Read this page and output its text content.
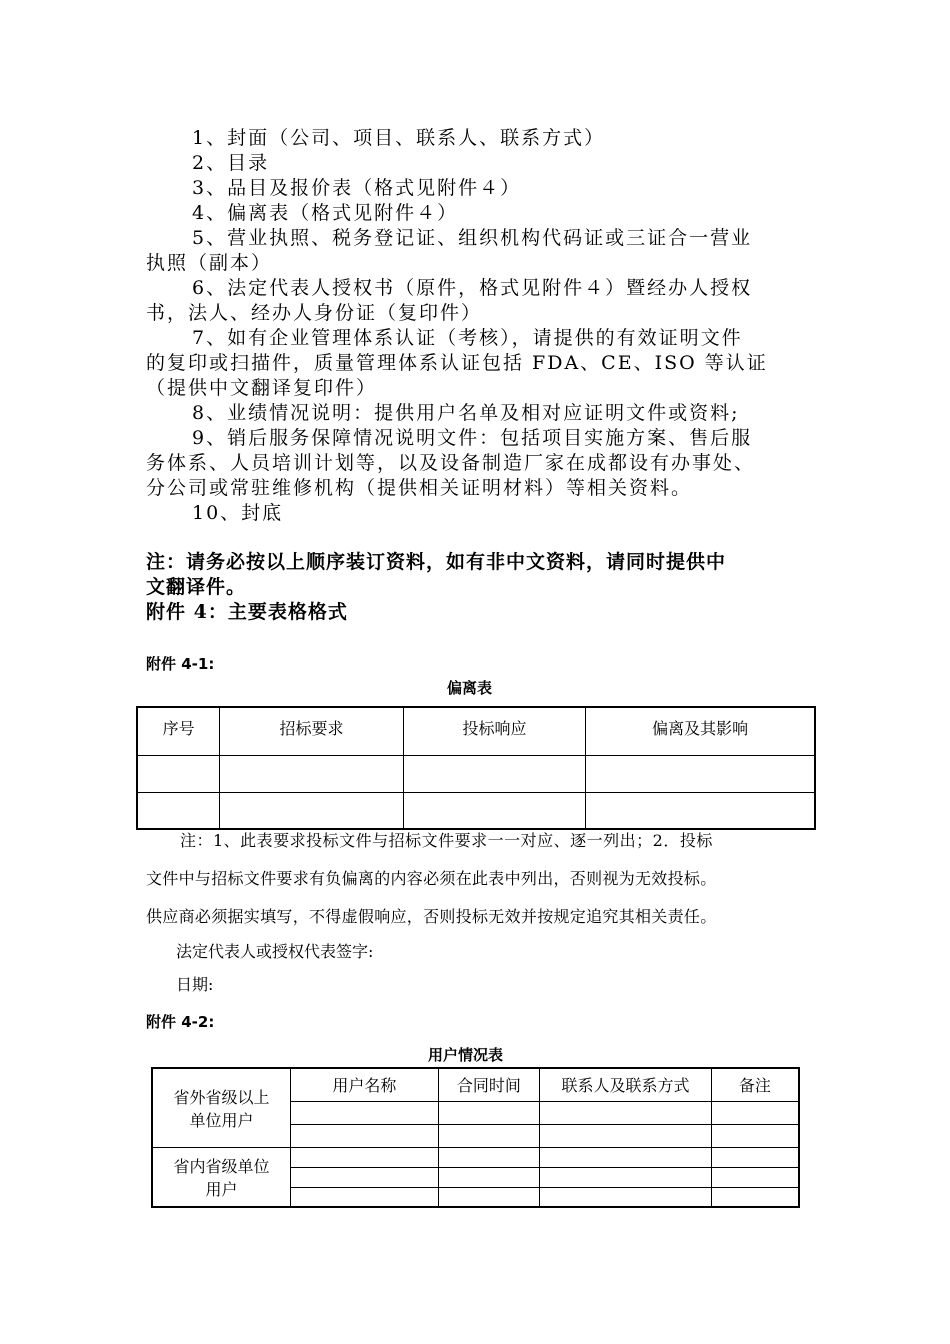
1、封面（公司、项目、联系人、联系方式）
2、目录
3、品目及报价表（格式见附件４）
4、偏离表（格式见附件４）
5、营业执照、税务登记证、组织机构代码证或三证合一营业
执照（副本）
6、法定代表人授权书（原件，格式见附件４）暨经办人授权
书，法人、经办人身份证（复印件）
7、如有企业管理体系认证（考核），请提供的有效证明文件
的复印或扫描件，质量管理体系认证包括 FDA、CE、ISO 等认证
（提供中文翻译复印件）
8、业绩情况说明：提供用户名单及相对应证明文件或资料;
9、销后服务保障情况说明文件：包括项目实施方案、售后服
务体系、人员培训计划等，以及设备制造厂家在成都设有办事处、
分公司或常驻维修机构（提供相关证明材料）等相关资料。
10、封底
注：请务必按以上顺序装订资料，如有非中文资料，请同时提供中
文翻译件。
附件 4：主要表格格式
附件 4-1:
偏离表
序号	招标要求	投标响应	偏离及其影响

注：1、此表要求投标文件与招标文件要求一一对应、逐一列出；2．投标
文件中与招标文件要求有负偏离的内容必须在此表中列出，否则视为无效投标。
供应商必须据实填写，不得虚假响应，否则投标无效并按规定追究其相关责任。
法定代表人或授权代表签字:
日期:
附件 4-2:
用户情况表
省外省级以上
单位用户	用户名称	合同时间	联系人及联系方式	备注

省内省级单位
用户				
